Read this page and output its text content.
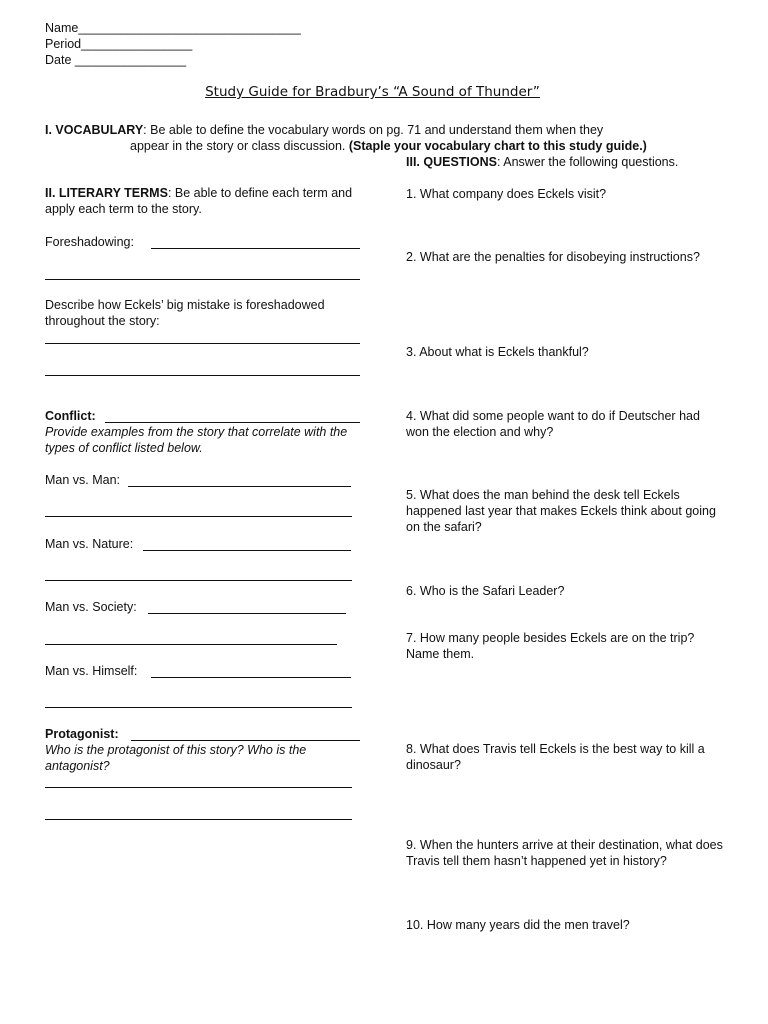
Name________________________________
Period________________
Date ________________
Study Guide for Bradbury’s “A Sound of Thunder”
I. VOCABULARY: Be able to define the vocabulary words on pg. 71 and understand them when they
appear in the story or class discussion. (Staple your vocabulary chart to this study guide.)
III. QUESTIONS: Answer the following questions.
II. LITERARY TERMS: Be able to define each term and apply each term to the story.
Foreshadowing:
Describe how Eckels’ big mistake is foreshadowed throughout the story:
Conflict:
Provide examples from the story that correlate with the types of conflict listed below.
Man vs. Man:
Man vs. Nature:
Man vs. Society:
Man vs. Himself:
Protagonist:
Who is the protagonist of this story? Who is the antagonist?
1. What company does Eckels visit?
2. What are the penalties for disobeying instructions?
3. About what is Eckels thankful?
4. What did some people want to do if Deutscher had won the election and why?
5. What does the man behind the desk tell Eckels happened last year that makes Eckels think about going on the safari?
6. Who is the Safari Leader?
7. How many people besides Eckels are on the trip? Name them.
8. What does Travis tell Eckels is the best way to kill a dinosaur?
9. When the hunters arrive at their destination, what does Travis tell them hasn’t happened yet in history?
10. How many years did the men travel?
